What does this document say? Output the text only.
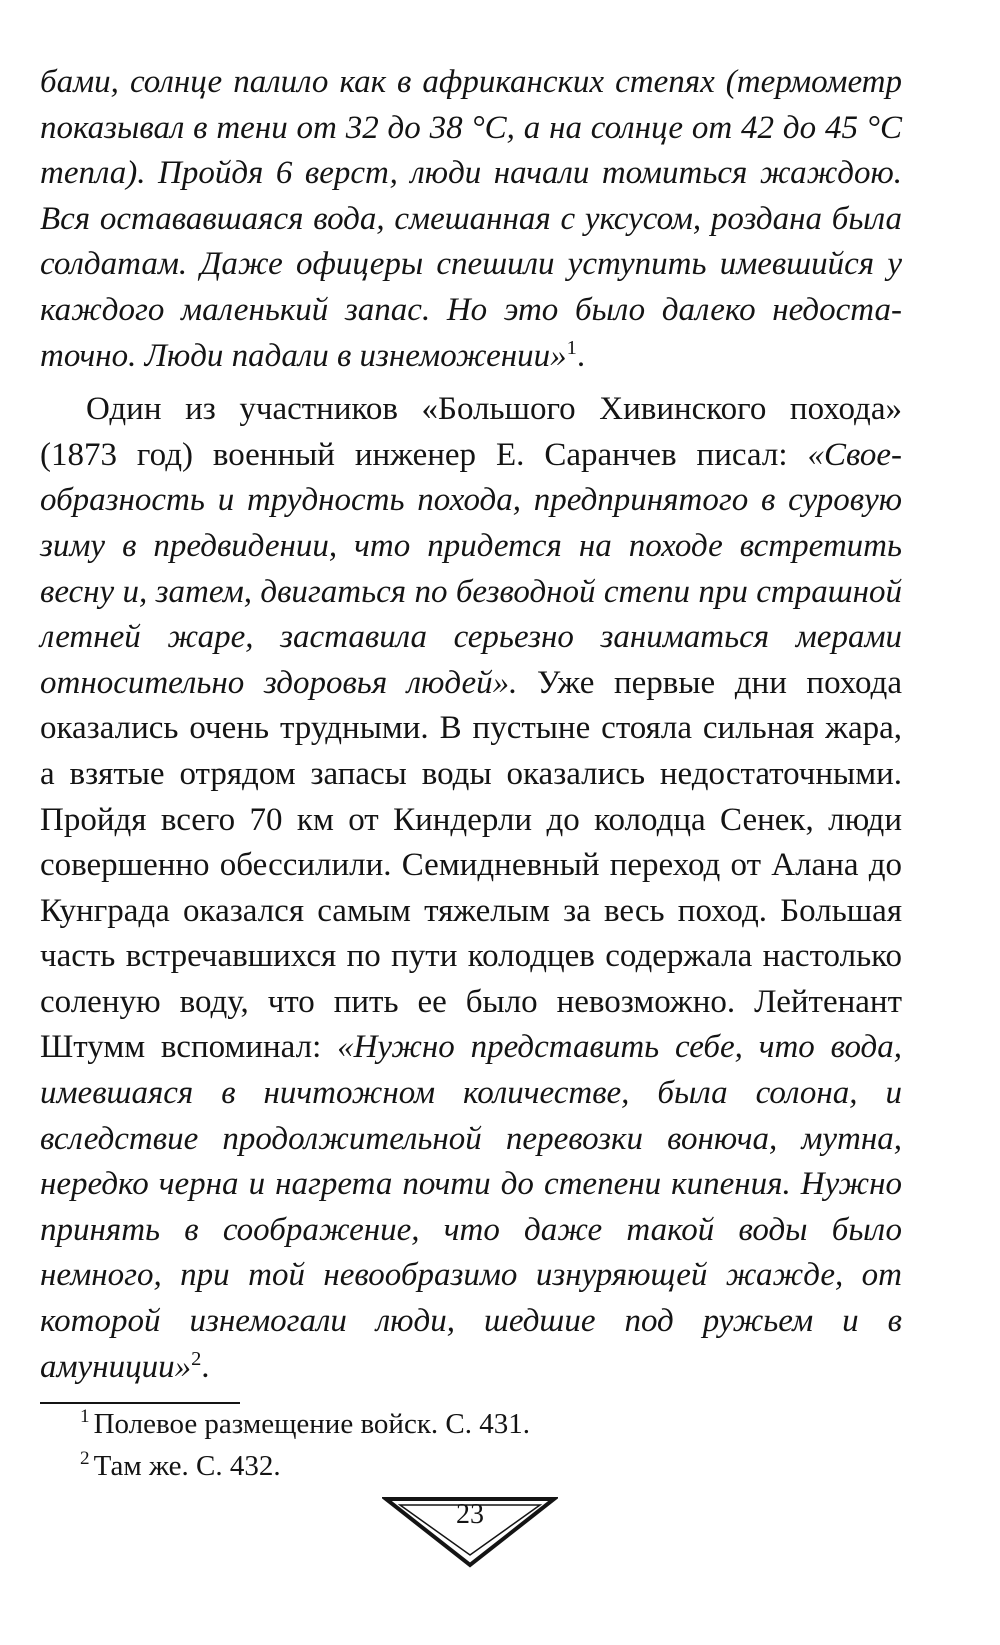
бами, солнце палило как в африканских степях (термометр показывал в тени от 32 до 38 °С, а на солнце от 42 до 45 °С тепла). Пройдя 6 верст, люди начали томиться жаждою. Вся остававшаяся вода, смешанная с уксусом, роздана была солдатам. Даже офицеры спешили уступить имевшийся у каждого маленький запас. Но это было далеко недостаточно. Люди падали в изнеможении»$^1$.

Один из участников «Большого Хивинского похода» (1873 год) военный инженер Е. Саранчев писал: «Своеобразность и трудность похода, предпринятого в суровую зиму в предвидении, что придется на походе встретить весну и, затем, двигаться по безводной степи при страшной летней жаре, заставила серьезно заниматься мерами относительно здоровья людей». Уже первые дни похода оказались очень трудными. В пустыне стояла сильная жара, а взятые отрядом запасы воды оказались недостаточными. Пройдя всего 70 км от Киндерли до колодца Сенек, люди совершенно обессилили. Семидневный переход от Алана до Кунграда оказался самым тяжелым за весь поход. Большая часть встречавшихся по пути колодцев содержала настолько соленую воду, что пить ее было невозможно. Лейтенант Штумм вспоминал: «Нужно представить себе, что вода, имевшаяся в ничтожном количестве, была солона, и вследствие продолжительной перевозки вонюча, мутна, нередко черна и нагрета почти до степени кипения. Нужно принять в соображение, что даже такой воды было немного, при той невообразимо изнуряющей жажде, от которой изнемогали люди, шедшие под ружьем и в амуниции»$^2$.

$^1$ Полевое размещение войск. С. 431.
$^2$ Там же. С. 432.
23
